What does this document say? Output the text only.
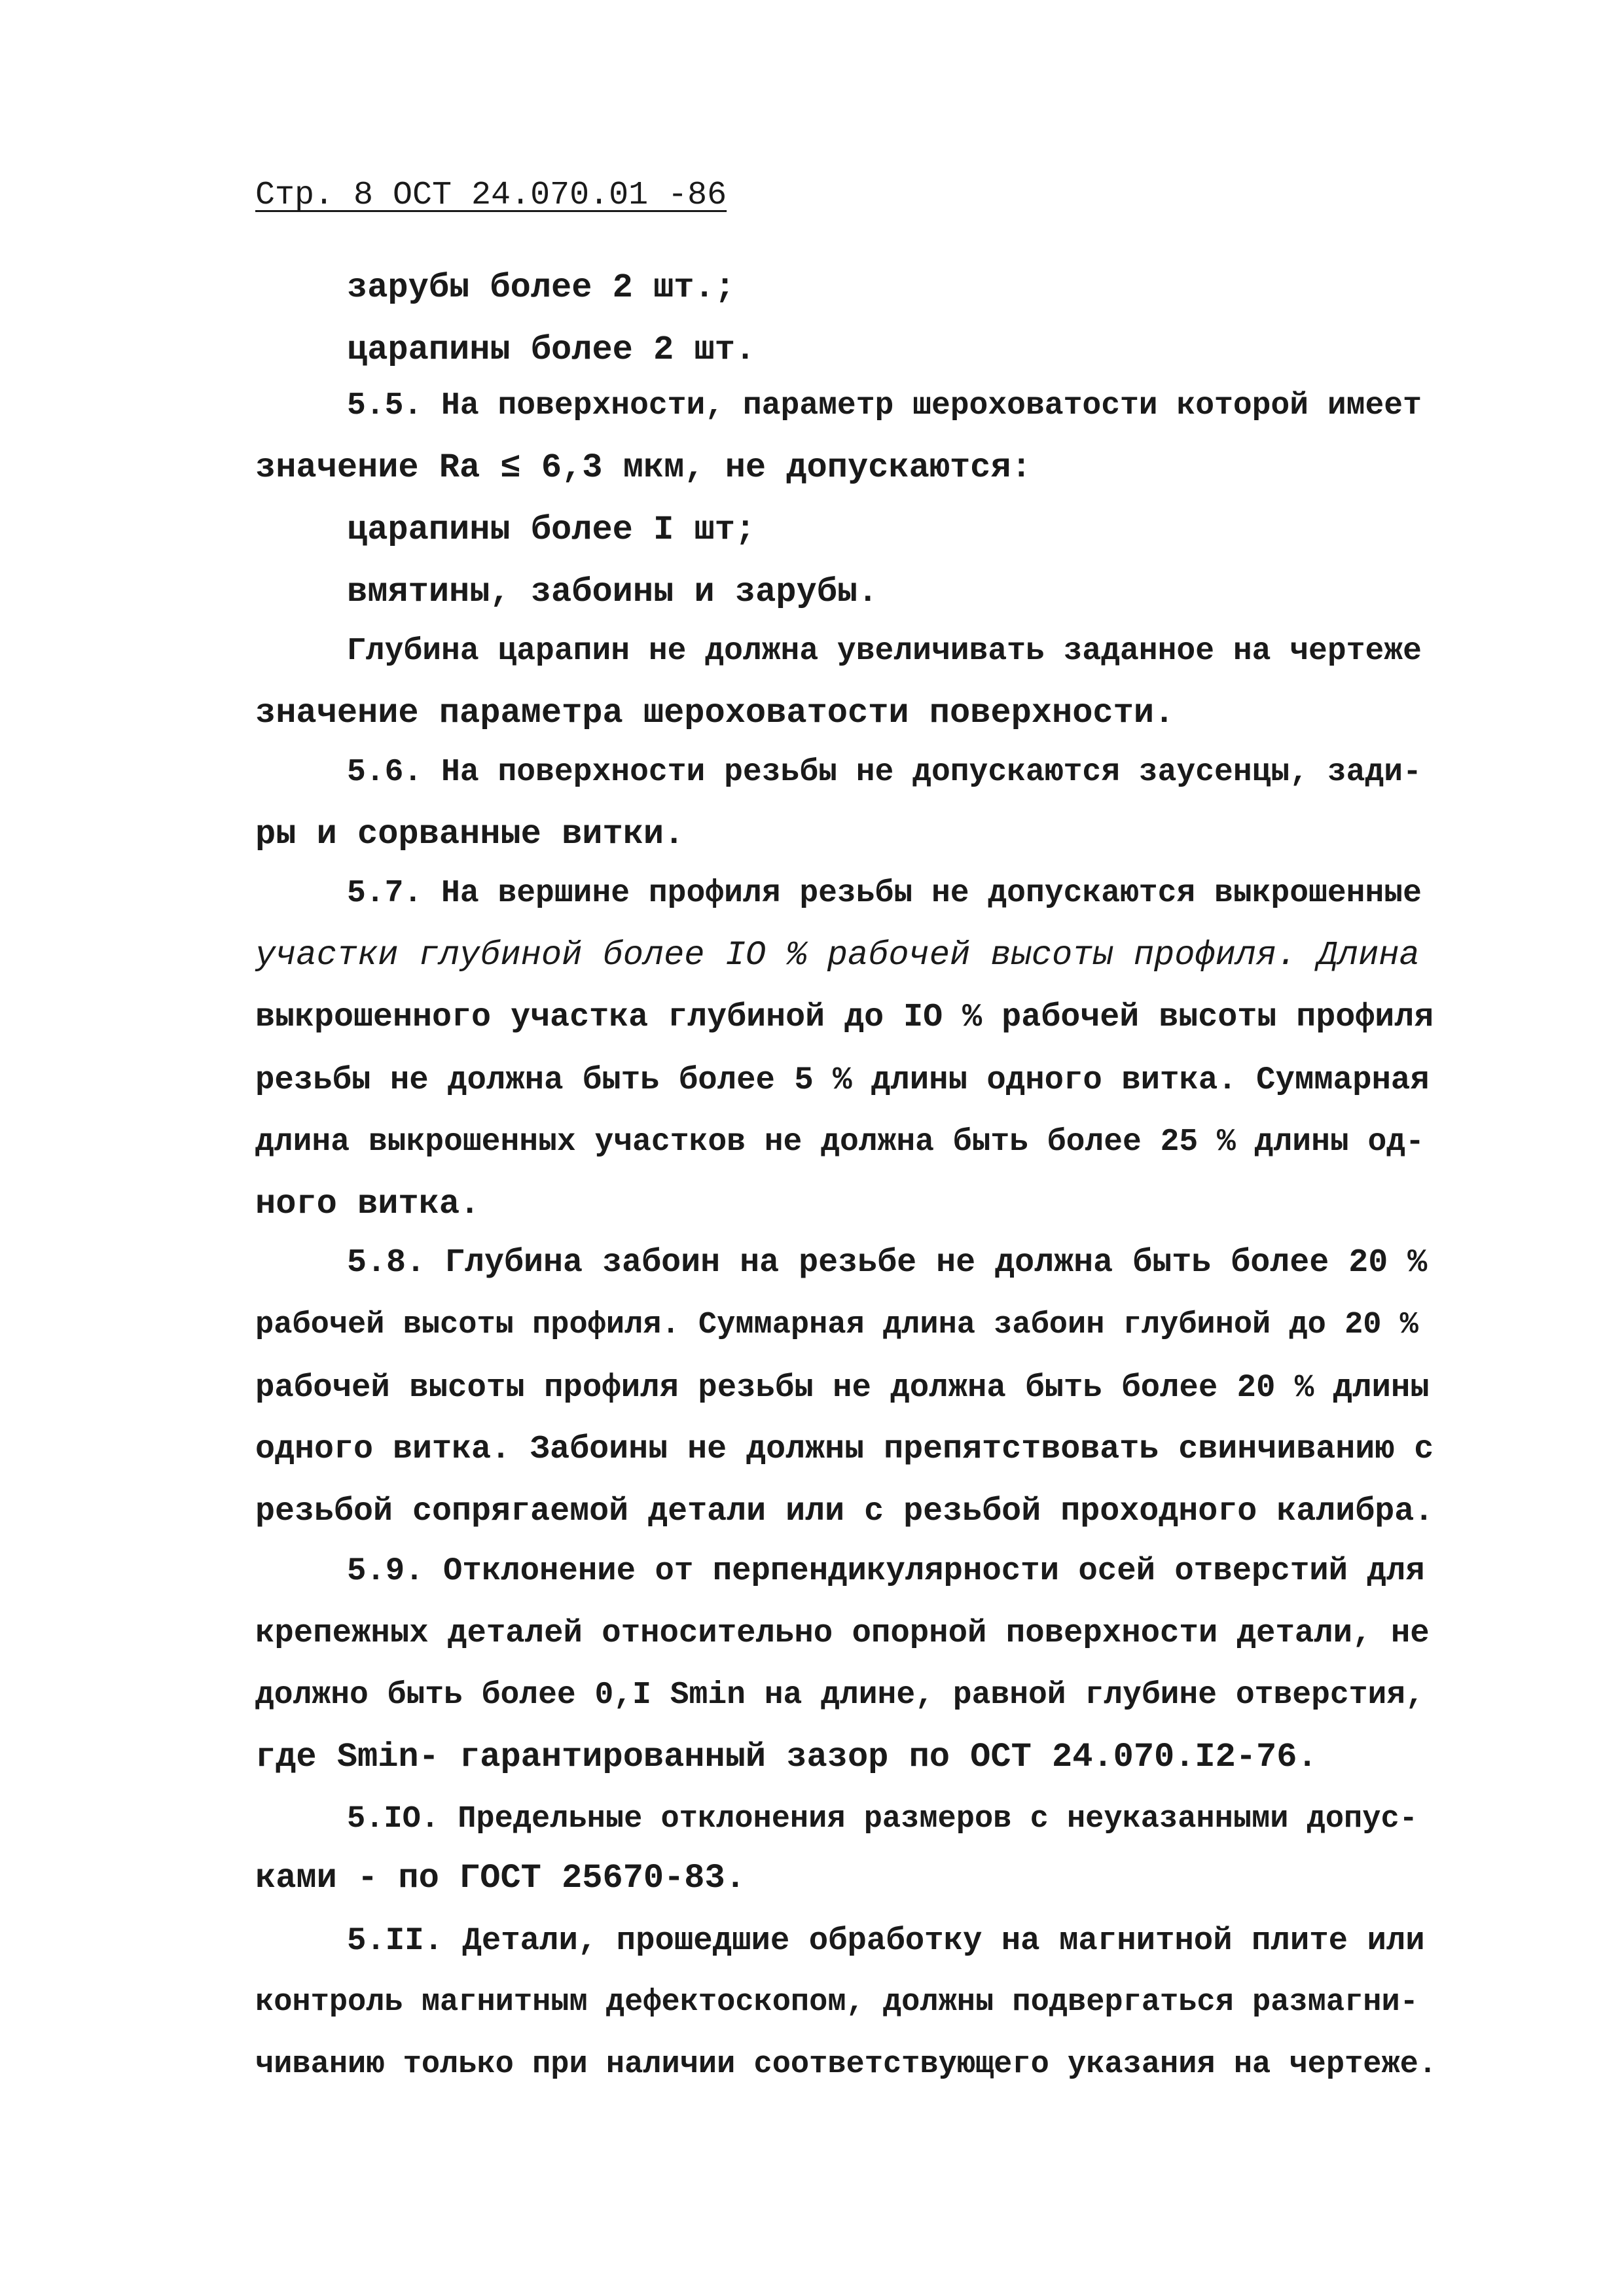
Стр. 8 ОСТ 24.070.01 -86
зарубы более 2 шт.;
царапины более 2 шт.
5.5. На поверхности, параметр шероховатости которой имеет
значение Ra ≤ 6,3 мкм, не допускаются:
царапины более I шт;
вмятины, забоины и зарубы.
Глубина царапин не должна увеличивать заданное на чертеже
значение параметра шероховатости поверхности.
5.6. На поверхности резьбы не допускаются заусенцы, зади-
ры и сорванные витки.
5.7. На вершине профиля резьбы не допускаются выкрошенные
участки глубиной более IO % рабочей высоты профиля. Длина
выкрошенного участка глубиной до IO % рабочей высоты профиля
резьбы не должна быть более 5 % длины одного витка. Суммарная
длина выкрошенных участков не должна быть более 25 % длины од-
ного витка.
5.8. Глубина забоин на резьбе не должна быть более 20 %
рабочей высоты профиля. Суммарная длина забоин глубиной до 20 %
рабочей высоты профиля резьбы не должна быть более 20 % длины
одного витка. Забоины не должны препятствовать свинчиванию с
резьбой сопрягаемой детали или с резьбой проходного калибра.
5.9. Отклонение от перпендикулярности осей отверстий для
крепежных деталей относительно опорной поверхности детали, не
должно быть более 0,I Smin на длине, равной глубине отверстия,
где Smin- гарантированный зазор по ОСТ 24.070.I2-76.
5.IO. Предельные отклонения размеров с неуказанными допус-
ками - по ГОСТ 25670-83.
5.II. Детали, прошедшие обработку на магнитной плите или
контроль магнитным дефектоскопом, должны подвергаться размагни-
чиванию только при наличии соответствующего указания на чертеже.
